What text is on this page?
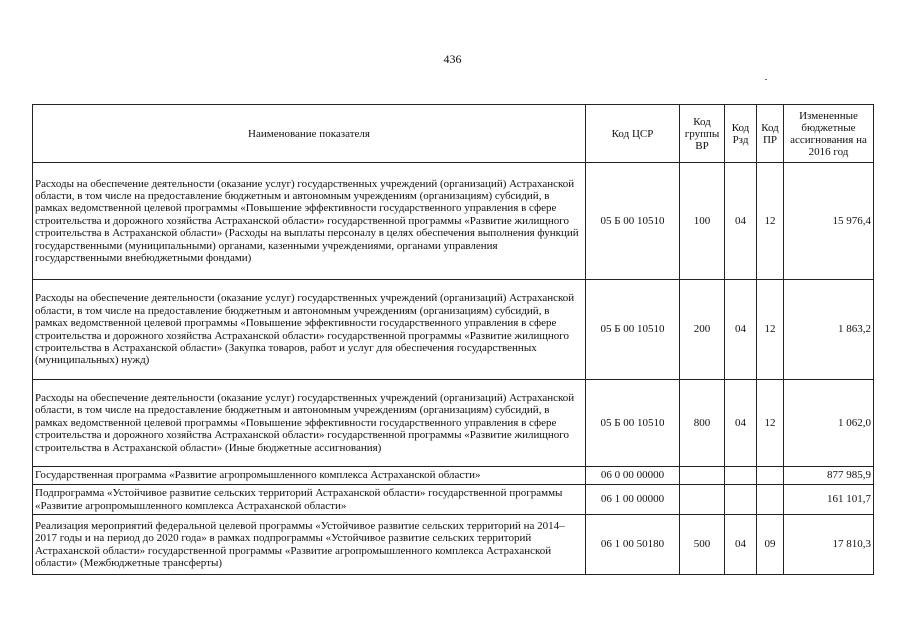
436
Наименование показателя	Код ЦСР	Код группы ВР	Код Рзд	Код ПР	Измененные бюджетные ассигнования на 2016 год
Расходы на обеспечение деятельности (оказание услуг) государственных учреждений (организаций) Астраханской области, в том числе на предоставление бюджетным и автономным учреждениям (организациям) субсидий, в рамках ведомственной целевой программы «Повышение эффективности государственного управления в сфере строительства и дорожного хозяйства Астраханской области» государственной программы «Развитие жилищного строительства в Астраханской области» (Расходы на выплаты персоналу в целях обеспечения выполнения функций государственными (муниципальными) органами, казенными учреждениями, органами управления государственными внебюджетными фондами)	05 Б 00 10510	100	04	12	15 976,4
Расходы на обеспечение деятельности (оказание услуг) государственных учреждений (организаций) Астраханской области, в том числе на предоставление бюджетным и автономным учреждениям (организациям) субсидий, в рамках ведомственной целевой программы «Повышение эффективности государственного управления в сфере строительства и дорожного хозяйства Астраханской области» государственной программы «Развитие жилищного строительства в Астраханской области» (Закупка товаров, работ и услуг для обеспечения государственных (муниципальных) нужд)	05 Б 00 10510	200	04	12	1 863,2
Расходы на обеспечение деятельности (оказание услуг) государственных учреждений (организаций) Астраханской области, в том числе на предоставление бюджетным и автономным учреждениям (организациям) субсидий, в рамках ведомственной целевой программы «Повышение эффективности государственного управления в сфере строительства и дорожного хозяйства Астраханской области» государственной программы «Развитие жилищного строительства в Астраханской области» (Иные бюджетные ассигнования)	05 Б 00 10510	800	04	12	1 062,0
Государственная программа «Развитие агропромышленного комплекса Астраханской области»	06 0 00 00000				877 985,9
Подпрограмма «Устойчивое развитие сельских территорий Астраханской области» государственной программы «Развитие агропромышленного комплекса Астраханской области»	06 1 00 00000				161 101,7
Реализация мероприятий федеральной целевой программы «Устойчивое развитие сельских территорий на 2014–2017 годы и на период до 2020 года» в рамках подпрограммы «Устойчивое развитие сельских территорий Астраханской области» государственной программы «Развитие агропромышленного комплекса Астраханской области» (Межбюджетные трансферты)	06 1 00 50180	500	04	09	17 810,3
